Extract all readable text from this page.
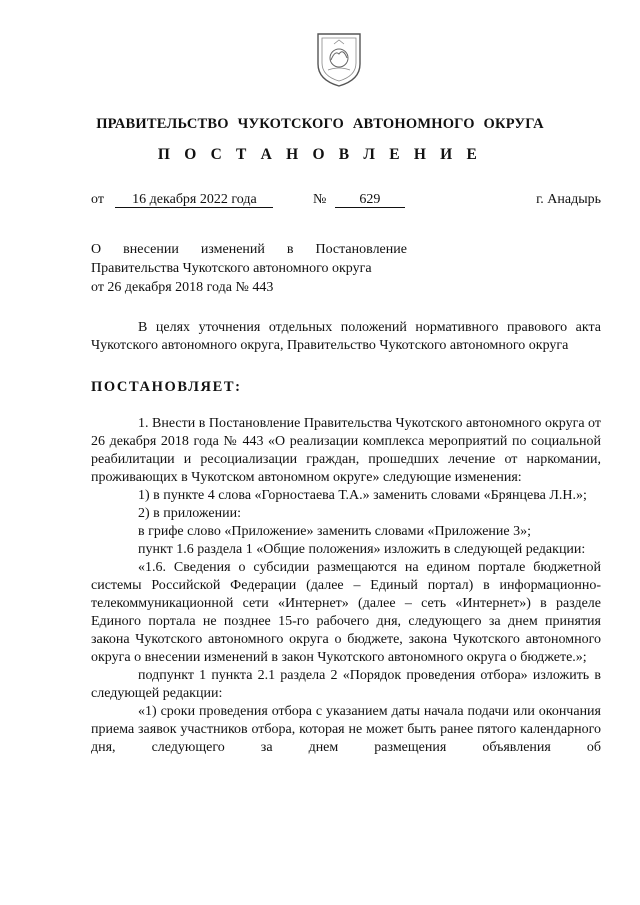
ПРАВИТЕЛЬСТВО ЧУКОТСКОГО АВТОНОМНОГО ОКРУГА
П О С Т А Н О В Л Е Н И Е
от 16 декабря 2022 года	№ 629	г. Анадырь
О внесении изменений в Постановление
Правительства Чукотского автономного округа
от 26 декабря 2018 года № 443

В целях уточнения отдельных положений нормативного правового акта Чукотского автономного округа, Правительство Чукотского автономного округа

ПОСТАНОВЛЯЕТ:

1. Внести в Постановление Правительства Чукотского автономного округа от 26 декабря 2018 года № 443 «О реализации комплекса мероприятий по социальной реабилитации и ресоциализации граждан, прошедших лечение от наркомании, проживающих в Чукотском автономном округе» следующие изменения:

1) в пункте 4 слова «Горностаева Т.А.» заменить словами «Брянцева Л.Н.»;

2) в приложении:

в грифе слово «Приложение» заменить словами «Приложение 3»;

пункт 1.6 раздела 1 «Общие положения» изложить в следующей редакции:

«1.6. Сведения о субсидии размещаются на едином портале бюджетной системы Российской Федерации (далее – Единый портал) в информационно-телекоммуникационной сети «Интернет» (далее – сеть «Интернет») в разделе Единого портала не позднее 15-го рабочего дня, следующего за днем принятия закона Чукотского автономного округа о бюджете, закона Чукотского автономного округа о внесении изменений в закон Чукотского автономного округа о бюджете.»;

подпункт 1 пункта 2.1 раздела 2 «Порядок проведения отбора» изложить в следующей редакции:

«1) сроки проведения отбора с указанием даты начала подачи или окончания приема заявок участников отбора, которая не может быть ранее пятого календарного дня, следующего за днем размещения объявления об
